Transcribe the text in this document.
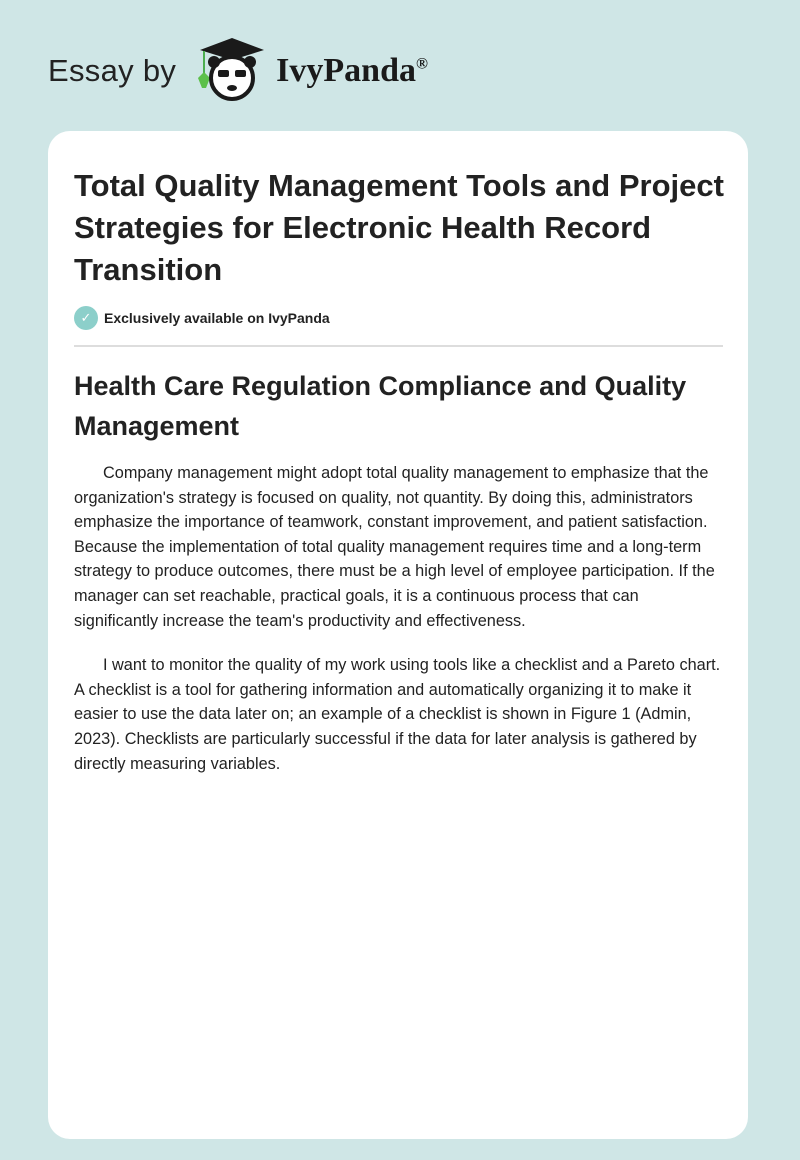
Essay by	IvyPanda®
Total Quality Management Tools and Project Strategies for Electronic Health Record Transition
✓ Exclusively available on IvyPanda
Health Care Regulation Compliance and Quality Management

Company management might adopt total quality management to emphasize that the organization's strategy is focused on quality, not quantity. By doing this, administrators emphasize the importance of teamwork, constant improvement, and patient satisfaction. Because the implementation of total quality management requires time and a long-term strategy to produce outcomes, there must be a high level of employee participation. If the manager can set reachable, practical goals, it is a continuous process that can significantly increase the team's productivity and effectiveness.

I want to monitor the quality of my work using tools like a checklist and a Pareto chart. A checklist is a tool for gathering information and automatically organizing it to make it easier to use the data later on; an example of a checklist is shown in Figure 1 (Admin, 2023). Checklists are particularly successful if the data for later analysis is gathered by directly measuring variables.
